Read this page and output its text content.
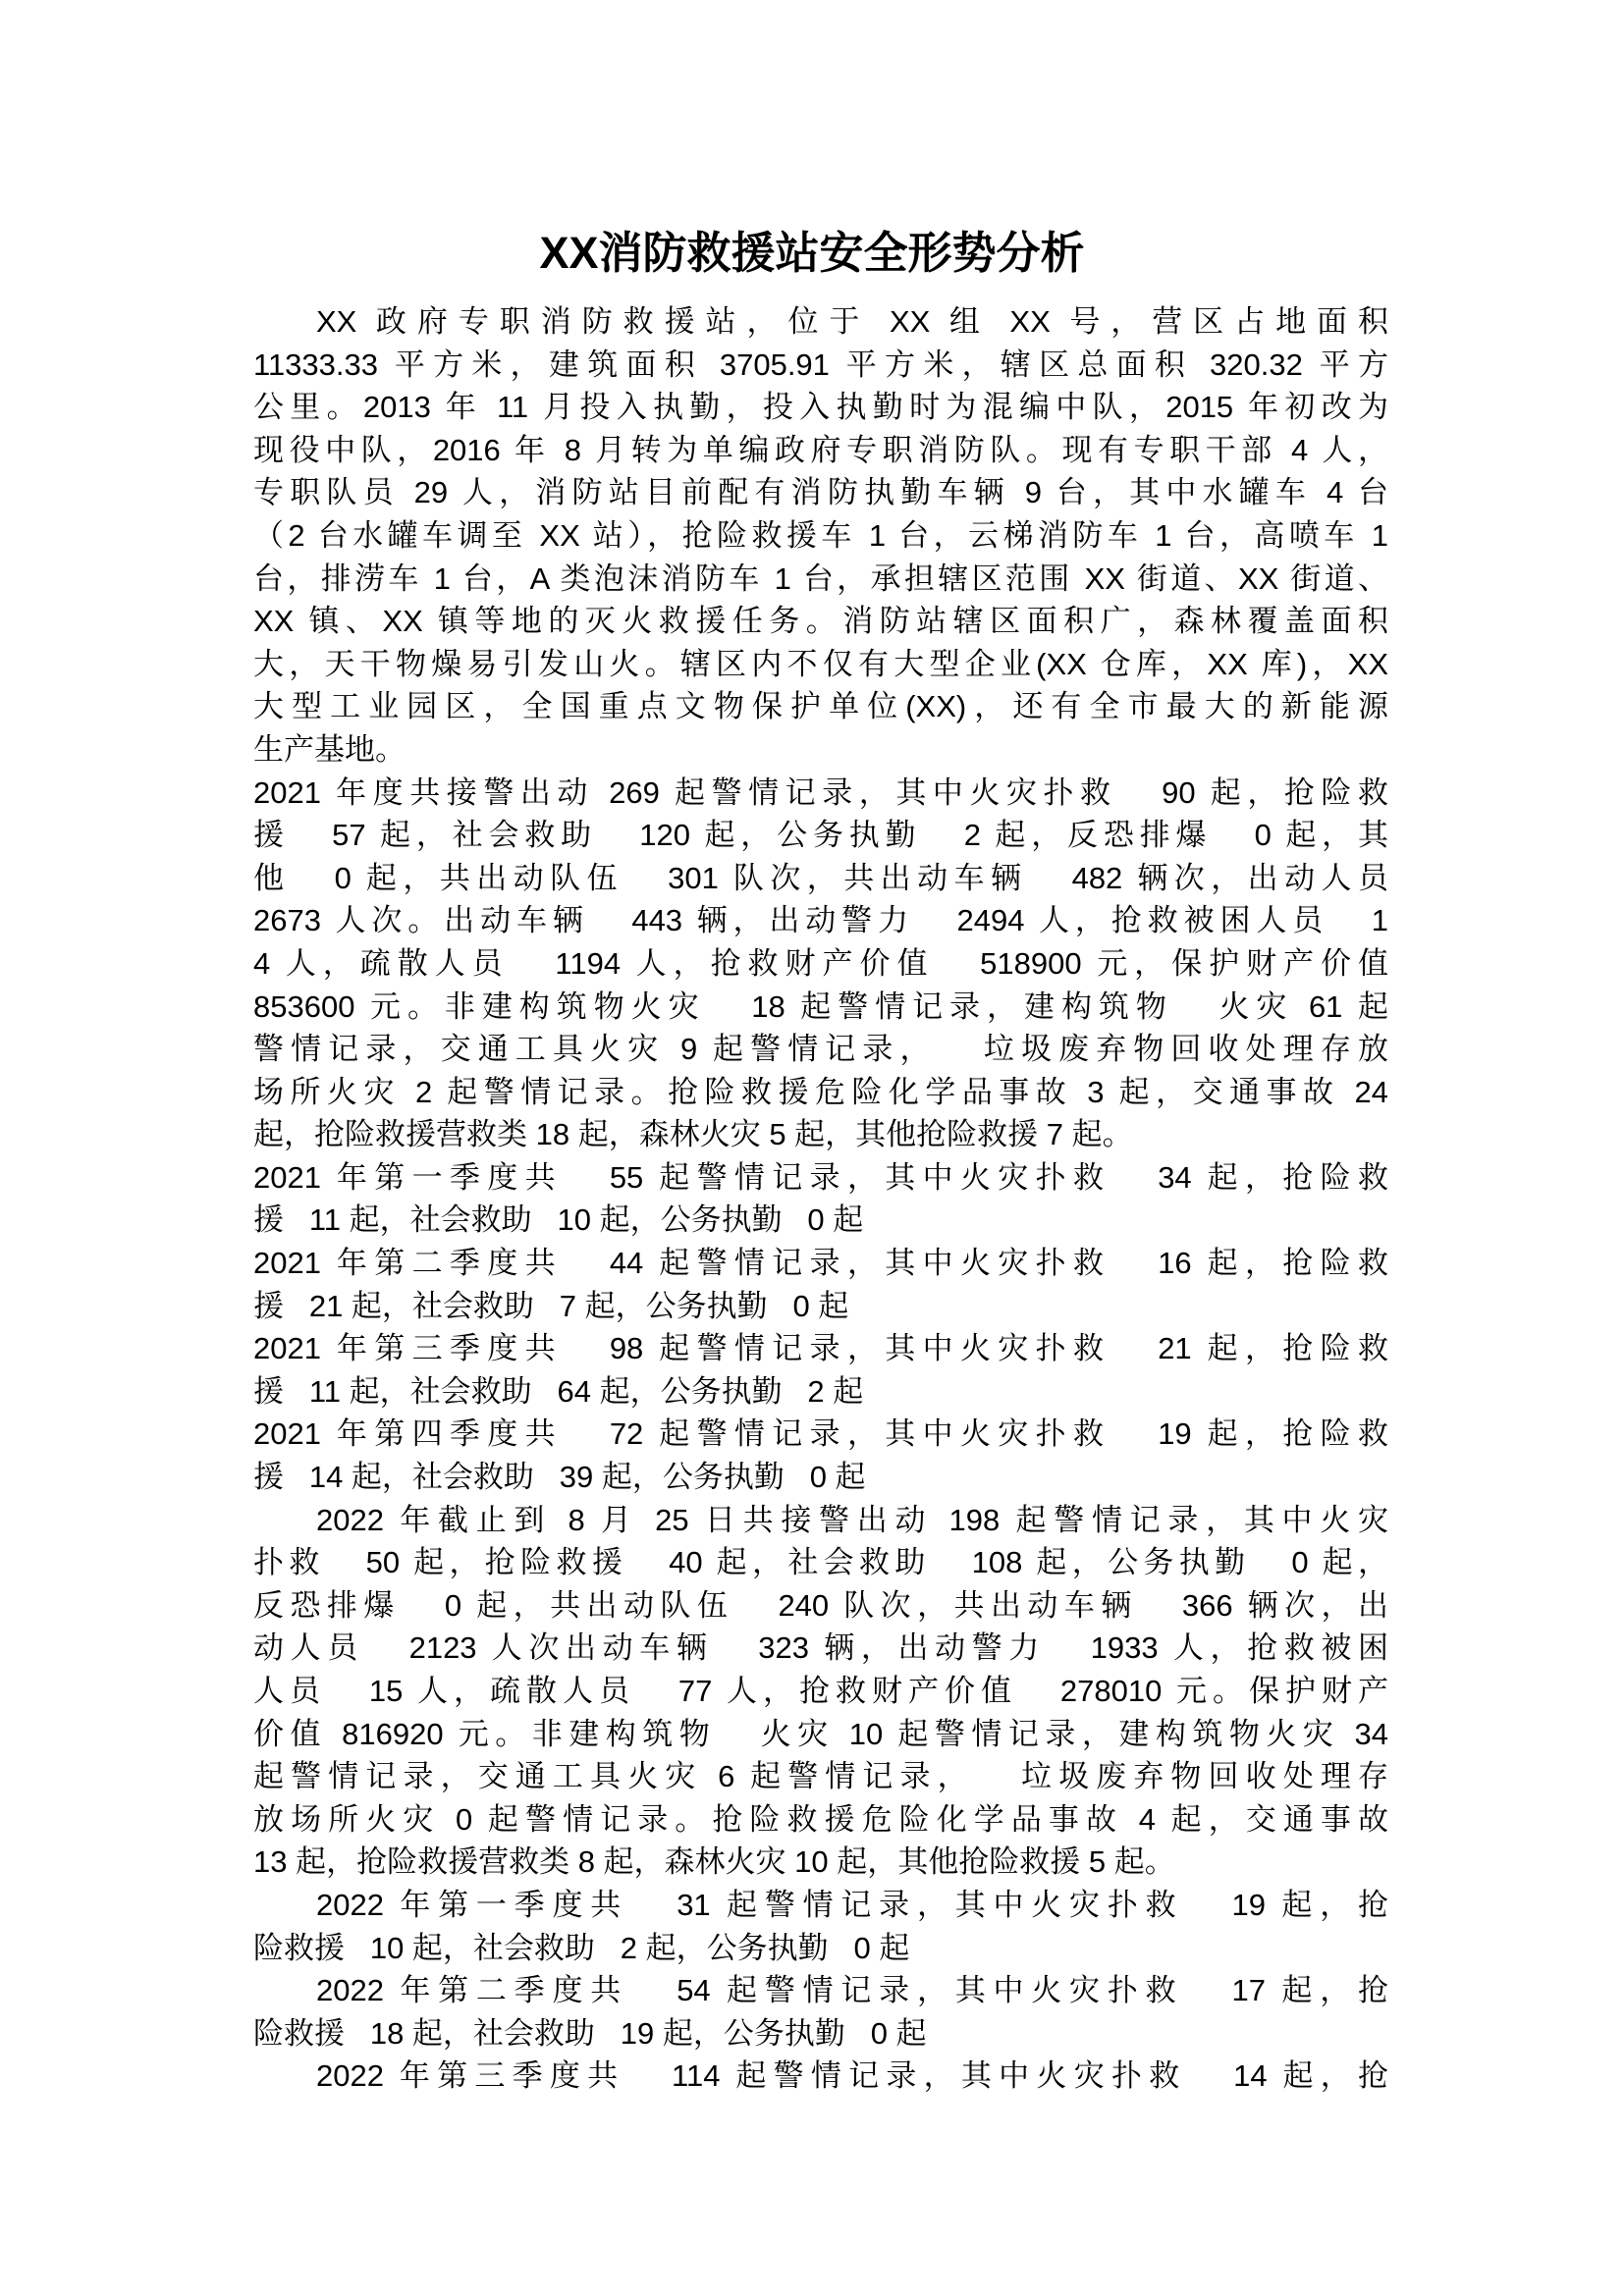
XX消防救援站安全形势分析
XX 政府专职消防救援站，位于 XX 组 XX 号，营区占地面积
11333.33 平方米，建筑面积 3705.91 平方米，辖区总面积 320.32 平方
公里。2013 年 11 月投入执勤，投入执勤时为混编中队，2015 年初改为
现役中队，2016 年 8 月转为单编政府专职消防队。现有专职干部 4 人，
专职队员 29 人，消防站目前配有消防执勤车辆 9 台，其中水罐车 4 台
（2 台水罐车调至 XX 站），抢险救援车 1 台，云梯消防车 1 台，高喷车 1
台，排涝车 1 台，A 类泡沫消防车 1 台，承担辖区范围 XX 街道、XX 街道、
XX 镇、XX 镇等地的灭火救援任务。消防站辖区面积广，森林覆盖面积
大，天干物燥易引发山火。辖区内不仅有大型企业(XX 仓库，XX 库)，XX
大型工业园区，全国重点文物保护单位(XX)，还有全市最大的新能源
生产基地。
2021 年度共接警出动 269 起警情记录，其中火灾扑救   90 起，抢险救
援   57 起，社会救助   120 起，公务执勤   2 起，反恐排爆   0 起，其
他   0 起，共出动队伍   301 队次，共出动车辆   482 辆次，出动人员
2673 人次。出动车辆   443 辆，出动警力   2494 人，抢救被困人员   1
4 人，疏散人员   1194 人，抢救财产价值   518900 元，保护财产价值
853600 元。非建构筑物火灾   18 起警情记录，建构筑物   火灾 61 起
警情记录，交通工具火灾 9 起警情记录，   垃圾废弃物回收处理存放
场所火灾 2 起警情记录。抢险救援危险化学品事故 3 起，交通事故 24
起，抢险救援营救类 18 起，森林火灾 5 起，其他抢险救援 7 起。
2021 年第一季度共   55 起警情记录，其中火灾扑救   34 起，抢险救
援   11 起，社会救助   10 起，公务执勤   0 起
2021 年第二季度共   44 起警情记录，其中火灾扑救   16 起，抢险救
援   21 起，社会救助   7 起，公务执勤   0 起
2021 年第三季度共   98 起警情记录，其中火灾扑救   21 起，抢险救
援   11 起，社会救助   64 起，公务执勤   2 起
2021 年第四季度共   72 起警情记录，其中火灾扑救   19 起，抢险救
援   14 起，社会救助   39 起，公务执勤   0 起
2022 年截止到 8 月 25 日共接警出动 198 起警情记录，其中火灾
扑救   50 起，抢险救援   40 起，社会救助   108 起，公务执勤   0 起，
反恐排爆   0 起，共出动队伍   240 队次，共出动车辆   366 辆次，出
动人员   2123 人次出动车辆   323 辆，出动警力   1933 人，抢救被困
人员   15 人，疏散人员   77 人，抢救财产价值   278010 元。保护财产
价值 816920 元。非建构筑物   火灾 10 起警情记录，建构筑物火灾 34
起警情记录，交通工具火灾 6 起警情记录，   垃圾废弃物回收处理存
放场所火灾 0 起警情记录。抢险救援危险化学品事故 4 起，交通事故
13 起，抢险救援营救类 8 起，森林火灾 10 起，其他抢险救援 5 起。
2022 年第一季度共   31 起警情记录，其中火灾扑救   19 起，抢
险救援   10 起，社会救助   2 起，公务执勤   0 起
2022 年第二季度共   54 起警情记录，其中火灾扑救   17 起，抢
险救援   18 起，社会救助   19 起，公务执勤   0 起
2022 年第三季度共   114 起警情记录，其中火灾扑救   14 起，抢
